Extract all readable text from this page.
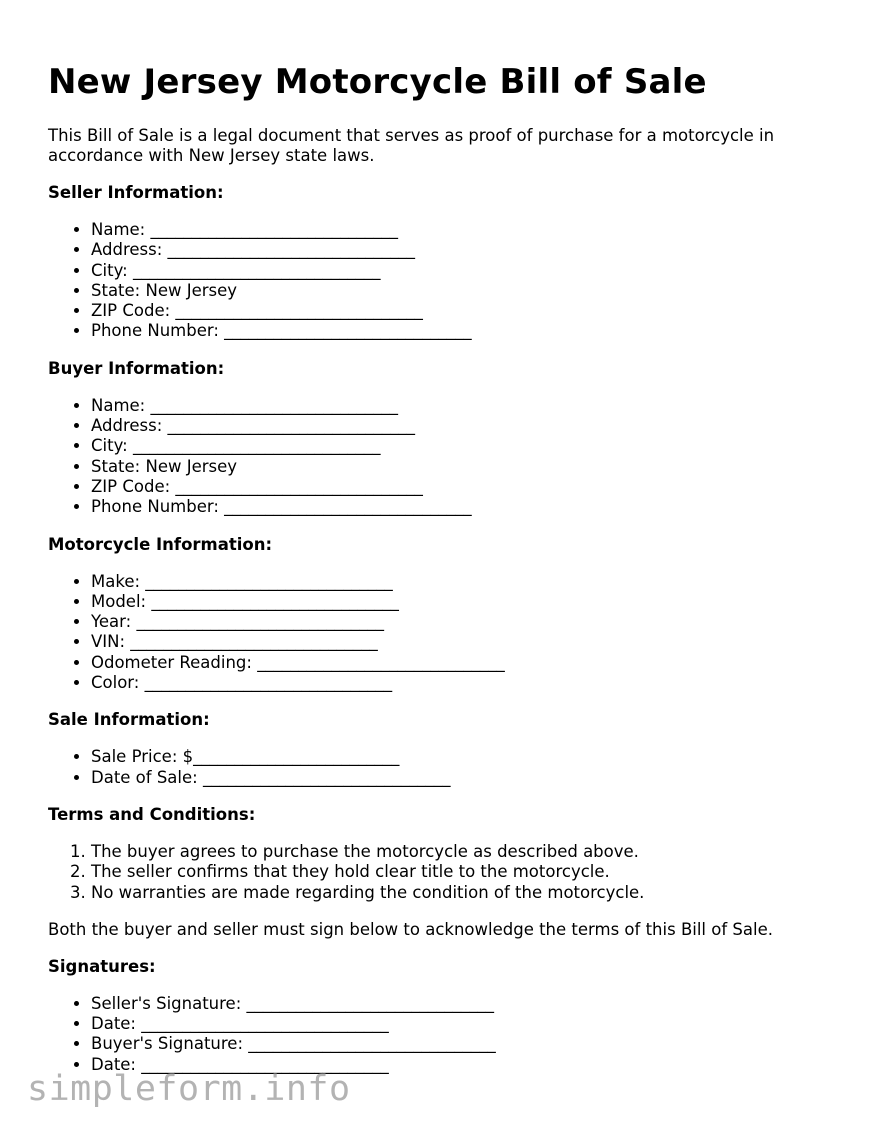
New Jersey Motorcycle Bill of Sale

This Bill of Sale is a legal document that serves as proof of purchase for a motorcycle in accordance with New Jersey state laws.

Seller Information:
• Name: ______________________________
• Address: ______________________________
• City: ______________________________
• State: New Jersey
• ZIP Code: ______________________________
• Phone Number: ______________________________
Buyer Information:
• Name: ______________________________
• Address: ______________________________
• City: ______________________________
• State: New Jersey
• ZIP Code: ______________________________
• Phone Number: ______________________________
Motorcycle Information:
• Make: ______________________________
• Model: ______________________________
• Year: ______________________________
• VIN: ______________________________
• Odometer Reading: ______________________________
• Color: ______________________________
Sale Information:
• Sale Price: $_________________________
• Date of Sale: ______________________________
Terms and Conditions:
1. The buyer agrees to purchase the motorcycle as described above.
2. The seller confirms that they hold clear title to the motorcycle.
3. No warranties are made regarding the condition of the motorcycle.

Both the buyer and seller must sign below to acknowledge the terms of this Bill of Sale.

Signatures:
• Seller's Signature: ______________________________
• Date: ______________________________
• Buyer's Signature: ______________________________
• Date: ______________________________
simpleform.info
